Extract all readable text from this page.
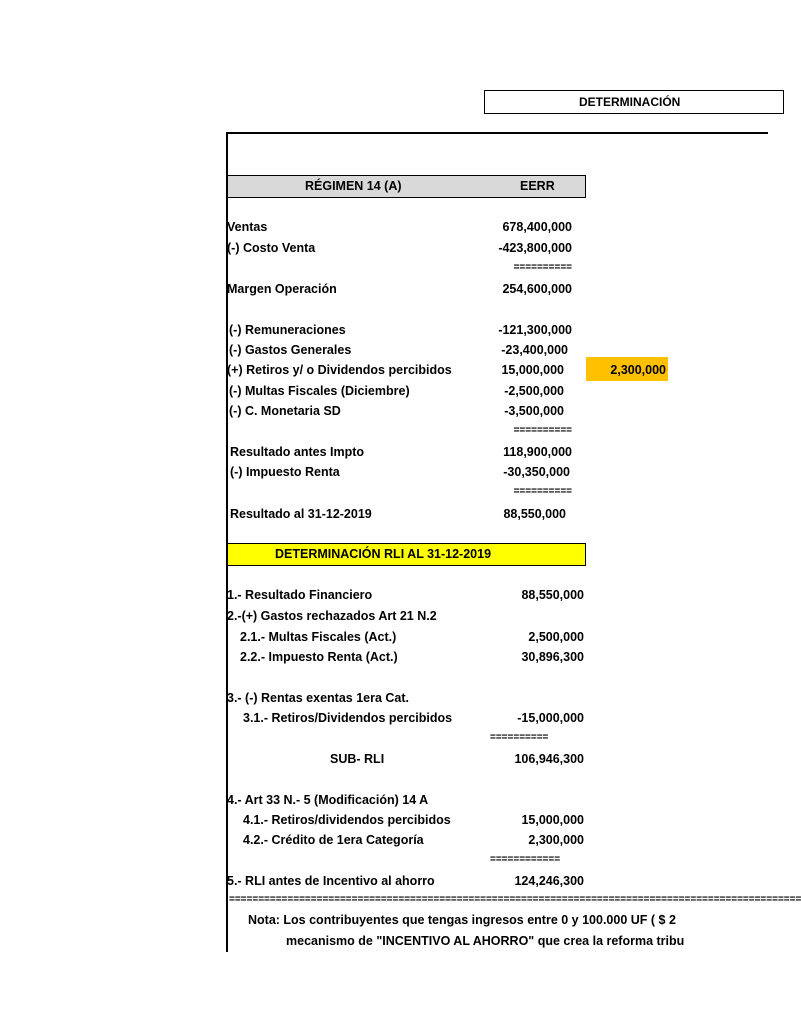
DETERMINACIÓN
RÉGIMEN 14 (A)	EERR
Ventas	678,400,000
(-) Costo Venta	-423,800,000
==========
Margen Operación	254,600,000
(-) Remuneraciones	-121,300,000
(-) Gastos Generales	-23,400,000
(+) Retiros y/ o Dividendos percibidos	15,000,000	2,300,000
(-) Multas Fiscales (Diciembre)	-2,500,000
(-) C. Monetaria SD	-3,500,000
==========
Resultado antes Impto	118,900,000
(-) Impuesto Renta	-30,350,000
==========
Resultado al 31-12-2019	88,550,000
DETERMINACIÓN RLI AL 31-12-2019
1.- Resultado Financiero	88,550,000
2.-(+) Gastos rechazados Art 21 N.2
2.1.- Multas Fiscales (Act.)	2,500,000
2.2.- Impuesto Renta (Act.)	30,896,300
3.- (-) Rentas exentas 1era Cat.
3.1.- Retiros/Dividendos percibidos	-15,000,000
==========
SUB- RLI	106,946,300
4.- Art 33 N.- 5 (Modificación) 14 A
4.1.- Retiros/dividendos percibidos	15,000,000
4.2.- Crédito de 1era Categoría	2,300,000
============
5.- RLI antes de Incentivo al ahorro	124,246,300
==================================================================================================
Nota: Los contribuyentes que tengas ingresos entre 0 y 100.000 UF ( $ 2
mecanismo de "INCENTIVO AL AHORRO" que crea la reforma tribu
